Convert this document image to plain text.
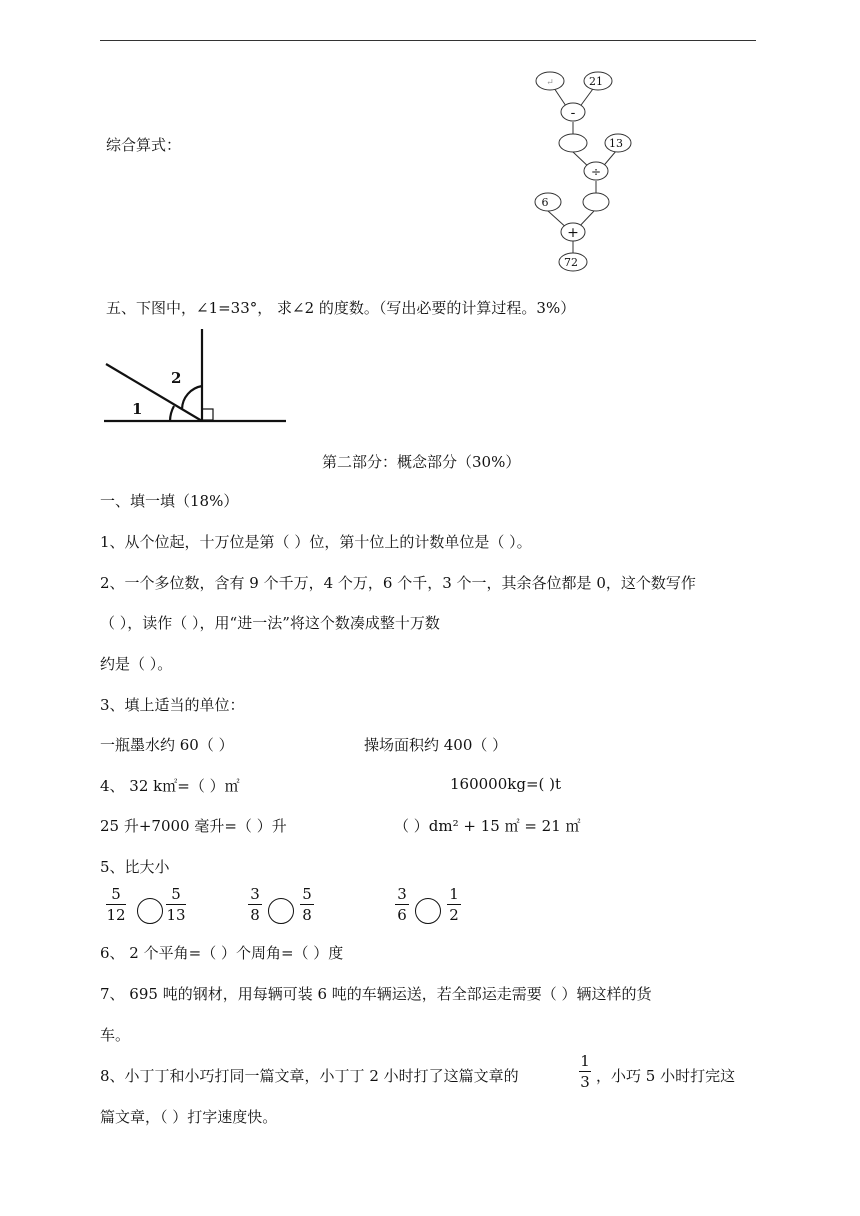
综合算式：
↵	21
-
13
÷
6
+
72
五、下图中，∠1=33°， 求∠2 的度数。（写出必要的计算过程。3%）
1
2
第二部分：概念部分（30%）
一、填一填（18%）
1、从个位起，十万位是第（ ）位，第十位上的计数单位是（ ）。
2、一个多位数，含有 9 个千万，4 个万，6 个千，3 个一，其余各位都是 0，这个数写作
（ ），读作（ ），用“进一法”将这个数凑成整十万数
约是（ ）。
3、填上适当的单位：
一瓶墨水约 60（ ）	操场面积约 400（ ）
4、 32 k㎡=（ ）㎡	160000kg=( )t
25 升+7000 毫升=（ ）升	（ ）dm² + 15 ㎡ = 21 ㎡
5、比大小
5
12
5
13
3
8
5
8
3
6
1
2
6、 2 个平角=（ ）个周角=（ ）度
7、 695 吨的钢材，用每辆可装 6 吨的车辆运送，若全部运走需要（ ）辆这样的货
车。
8、小丁丁和小巧打同一篇文章，小丁丁 2 小时打了这篇文章的
1
3 ，小巧 5 小时打完这
篇文章，（ ）打字速度快。
